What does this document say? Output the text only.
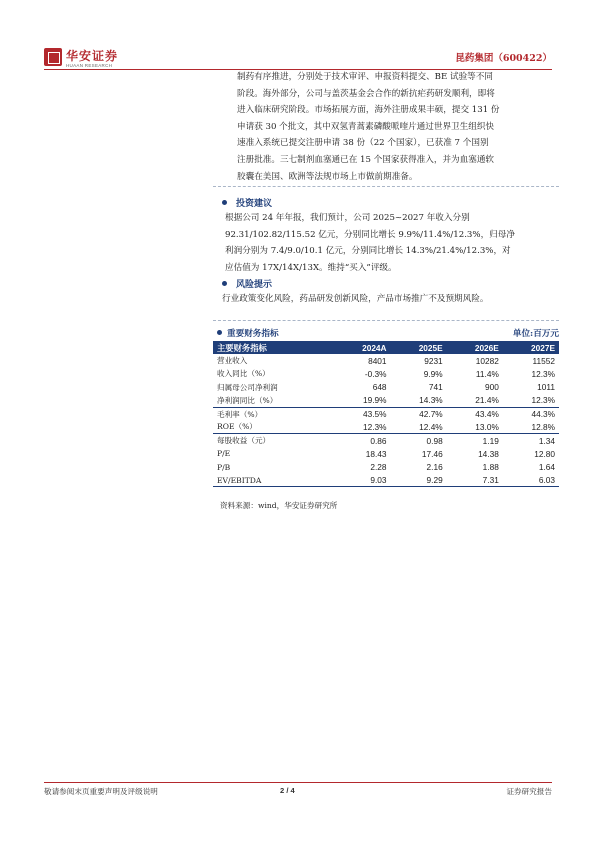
华安证券
HUAAN RESEARCH
昆药集团（600422）
制药有序推进，分别处于技术审评、申报资料提交、BE 试验等不同
阶段。海外部分，公司与盖茨基金会合作的新抗疟药研发顺利，即将
进入临床研究阶段。市场拓展方面，海外注册成果丰硕，提交 131 份
申请获 30 个批文，其中双氢青蒿素磷酸哌喹片通过世界卫生组织快
速准入系统已提交注册申请 38 份（22 个国家），已获准 7 个国别
注册批准。三七制剂血塞通已在 15 个国家获得准入，并为血塞通软
胶囊在美国、欧洲等法规市场上市做前期准备。
投资建议
根据公司 24 年年报，我们预计，公司 2025~2027 年收入分别
92.31/102.82/115.52 亿元，分别同比增长 9.9%/11.4%/12.3%，归母净
利润分别为 7.4/9.0/10.1 亿元，分别同比增长 14.3%/21.4%/12.3%，对
应估值为 17X/14X/13X。维持“买入”评级。
风险提示
行业政策变化风险，药品研发创新风险，产品市场推广不及预期风险。
重要财务指标	单位:百万元
主要财务指标	2024A	2025E	2026E	2027E
营业收入	8401	9231	10282	11552
收入同比（%）	-0.3%	9.9%	11.4%	12.3%
归属母公司净利润	648	741	900	1011
净利润同比（%）	19.9%	14.3%	21.4%	12.3%
毛利率（%）	43.5%	42.7%	43.4%	44.3%
ROE（%）	12.3%	12.4%	13.0%	12.8%
每股收益（元）	0.86	0.98	1.19	1.34
P/E	18.43	17.46	14.38	12.80
P/B	2.28	2.16	1.88	1.64
EV/EBITDA	9.03	9.29	7.31	6.03
资料来源：wind，华安证券研究所
敬请参阅末页重要声明及评级说明	2 / 4	证券研究报告
